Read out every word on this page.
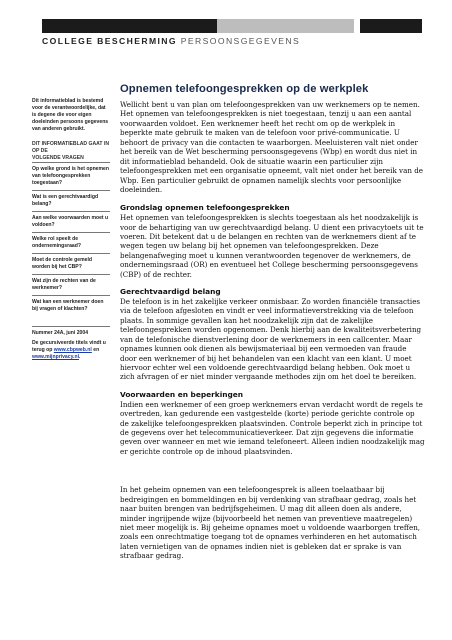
COLLEGE BESCHERMING PERSOONSGEGEVENS
Opnemen telefoongesprekken op de werkplek
Dit informatieblad is bestemd voor de verantwoordelijke, dat is degene die voor eigen doeleinden persoons gegevens van anderen gebruikt.
DIT INFORMATIEBLAD GAAT IN OP DE
VOLGENDE VRAGEN
Op welke grond is het opnemen van telefoongesprekken toegestaan?
Wat is een gerechtvaardigd belang?
Aan welke voorwaarden moet u voldoen?
Welke rol speelt de ondernemingsraad?
Moet de controle gemeld worden bij het CBP?
Wat zijn de rechten van de werknemer?
Wat kan een werknemer doen bij vragen of klachten?
Nummer 24A, juni 2004
De gecursiveerde titels vindt u terug op www.cbpweb.nl en www.mijnprivacy.nl.

Wellicht bent u van plan om telefoongesprekken van uw werknemers op te nemen. Het opnemen van telefoongesprekken is niet toegestaan, tenzij u aan een aantal voorwaarden voldoet. Een werknemer heeft het recht om op de werkplek in beperkte mate gebruik te maken van de telefoon voor privé-communicatie. U behoort de privacy van die contacten te waarborgen. Meeluisteren valt niet onder het bereik van de Wet bescherming persoonsgegevens (Wbp) en wordt dus niet in dit informatieblad behandeld. Ook de situatie waarin een particulier zijn telefoongesprekken met een organisatie opneemt, valt niet onder het bereik van de Wbp. Een particulier gebruikt de opnamen namelijk slechts voor persoonlijke doeleinden.

Grondslag opnemen telefoongesprekken
Het opnemen van telefoongesprekken is slechts toegestaan als het noodzakelijk is voor de behartiging van uw gerechtvaardigd belang. U dient een privacytoets uit te voeren. Dit betekent dat u de belangen en rechten van de werknemers dient af te wegen tegen uw belang bij het opnemen van telefoongesprekken. Deze belangenafweging moet u kunnen verantwoorden tegenover de werknemers, de ondernemingsraad (OR) en eventueel het College bescherming persoonsgegevens (CBP) of de rechter.
Gerechtvaardigd belang
De telefoon is in het zakelijke verkeer onmisbaar. Zo worden financiële transacties via de telefoon afgesloten en vindt er veel informatieverstrekking via de telefoon plaats. In sommige gevallen kan het noodzakelijk zijn dat de zakelijke telefoongesprekken worden opgenomen. Denk hierbij aan de kwaliteitsverbetering van de telefonische dienstverlening door de werknemers in een callcenter. Maar opnames kunnen ook dienen als bewijsmateriaal bij een vermoeden van fraude door een werknemer of bij het behandelen van een klacht van een klant. U moet hiervoor echter wel een voldoende gerechtvaardigd belang hebben. Ook moet u zich afvragen of er niet minder vergaande methodes zijn om het doel te bereiken.
Voorwaarden en beperkingen
Indien een werknemer of een groep werknemers ervan verdacht wordt de regels te overtreden, kan gedurende een vastgestelde (korte) periode gerichte controle op de zakelijke telefoongesprekken plaatsvinden. Controle beperkt zich in principe tot de gegevens over het telecommunicatieverkeer. Dat zijn gegevens die informatie geven over wanneer en met wie iemand telefoneert. Alleen indien noodzakelijk mag er gerichte controle op de inhoud plaatsvinden.

In het geheim opnemen van een telefoongesprek is alleen toelaatbaar bij bedreigingen en bommeldingen en bij verdenking van strafbaar gedrag, zoals het naar buiten brengen van bedrijfsgeheimen. U mag dit alleen doen als andere, minder ingrijpende wijze (bijvoorbeeld het nemen van preventieve maatregelen) niet meer mogelijk is. Bij geheime opnames moet u voldoende waarborgen treffen, zoals een onrechtmatige toegang tot de opnames verhinderen en het automatisch laten vernietigen van de opnames indien niet is gebleken dat er sprake is van strafbaar gedrag.
